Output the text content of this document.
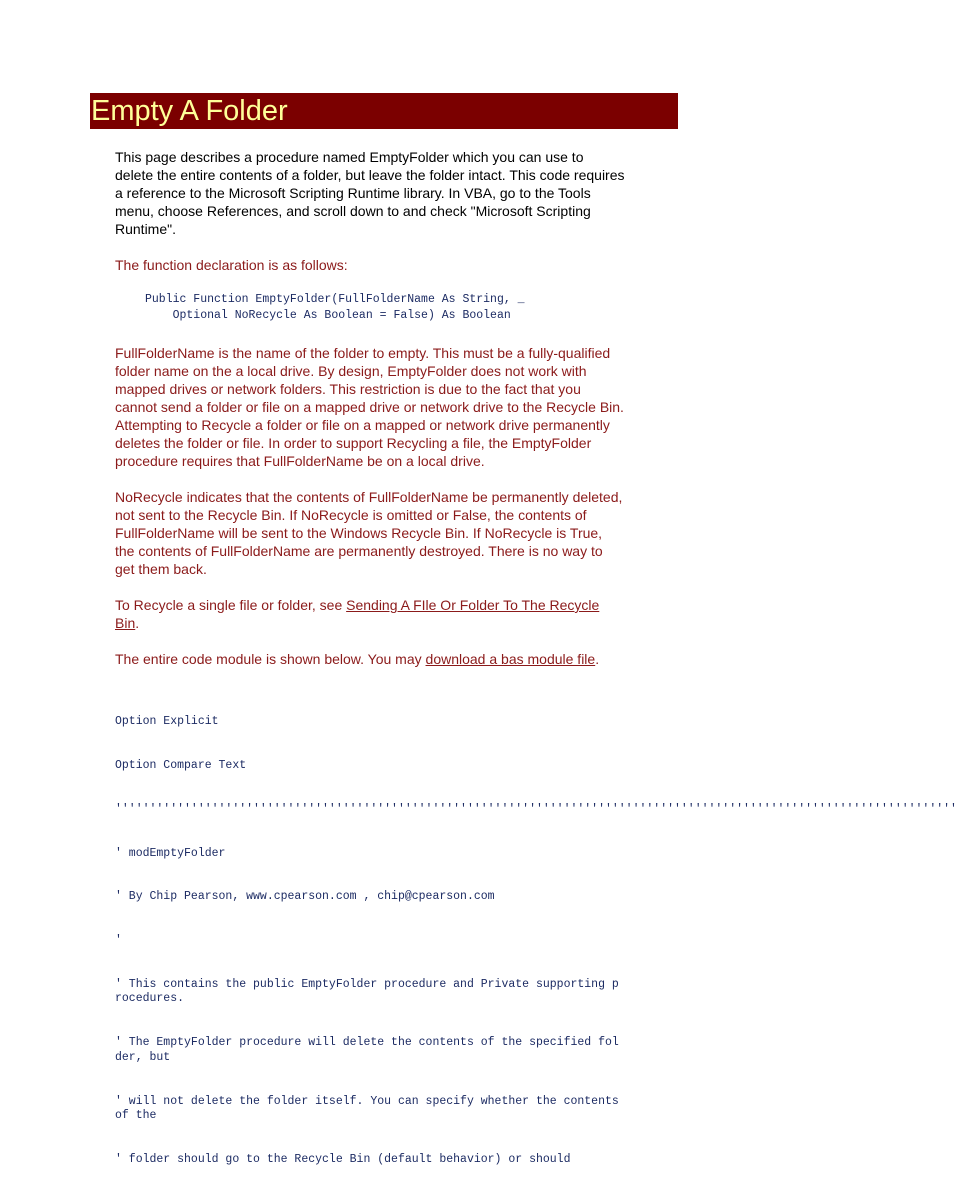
Empty A Folder

This page describes a procedure named EmptyFolder which you can use to delete the entire contents of a folder, but leave the folder intact. This code requires a reference to the Microsoft Scripting Runtime library. In VBA, go to the Tools menu, choose References, and scroll down to and check "Microsoft Scripting Runtime".

The function declaration is as follows:

Public Function EmptyFolder(FullFolderName As String, _
Optional NoRecycle As Boolean = False) As Boolean

FullFolderName is the name of the folder to empty. This must be a fully-qualified folder name on the a local drive. By design, EmptyFolder does not work with mapped drives or network folders. This restriction is due to the fact that you cannot send a folder or file on a mapped drive or network drive to the Recycle Bin. Attempting to Recycle a folder or file on a mapped or network drive permanently deletes the folder or file. In order to support Recycling a file, the EmptyFolder procedure requires that FullFolderName be on a local drive.

NoRecycle indicates that the contents of FullFolderName be permanently deleted, not sent to the Recycle Bin. If NoRecycle is omitted or False, the contents of FullFolderName will be sent to the Windows Recycle Bin. If NoRecycle is True, the contents of FullFolderName are permanently destroyed. There is no way to get them back.

To Recycle a single file or folder, see Sending A FIle Or Folder To The Recycle Bin.

The entire code module is shown below. You may download a bas module file.

Option Explicit

Option Compare Text

''''''''''''''''''''''''''''''''''''''''''''''''''''''''''''''''''''''''''''''''''''''''''''''''''''''''''''''''''''''''''

' modEmptyFolder

' By Chip Pearson, www.cpearson.com , chip@cpearson.com

'

' This contains the public EmptyFolder procedure and Private supporting procedures.

' The EmptyFolder procedure will delete the contents of the specified folder, but

' will not delete the folder itself. You can specify whether the contents of the

' folder should go to the Recycle Bin (default behavior) or should
